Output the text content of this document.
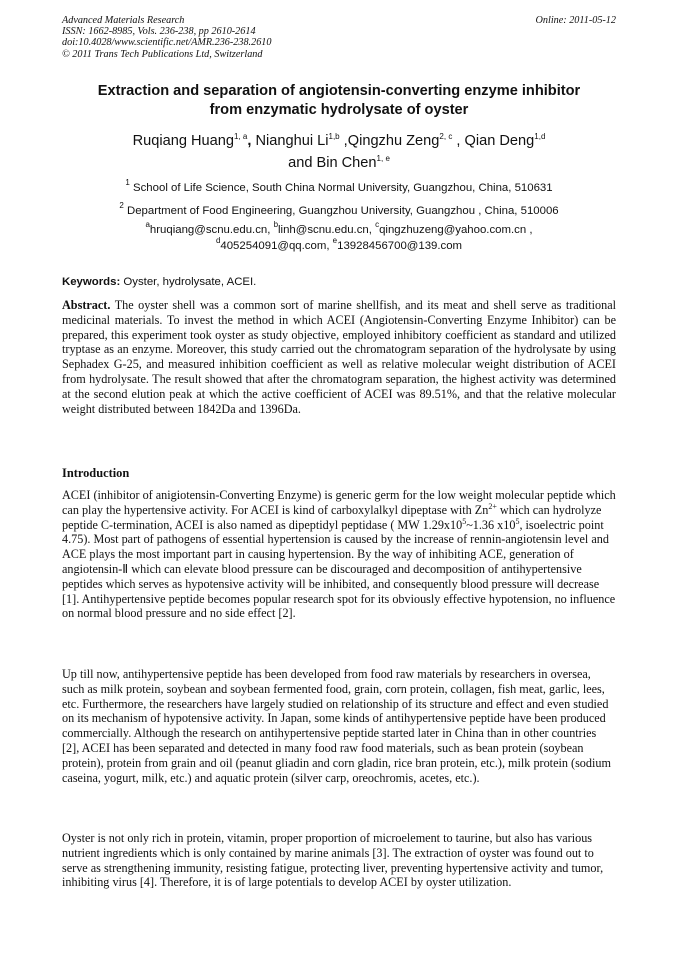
Advanced Materials Research
ISSN: 1662-8985, Vols. 236-238, pp 2610-2614
doi:10.4028/www.scientific.net/AMR.236-238.2610
© 2011 Trans Tech Publications Ltd, Switzerland
Online: 2011-05-12
Extraction and separation of angiotensin-converting enzyme inhibitor
from enzymatic hydrolysate of oyster
Ruqiang Huang$^{1, a}$, Nianghui Li$^{1,b}$ ,Qingzhu Zeng$^{2, c}$ , Qian Deng$^{1,d}$
and Bin Chen$^{1, e}$
$^1$ School of Life Science, South China Normal University, Guangzhou, China, 510631
$^2$ Department of Food Engineering, Guangzhou University, Guangzhou , China, 510006
$^a$hruqiang@scnu.edu.cn, $^b$linh@scnu.edu.cn, $^c$qingzhuzeng@yahoo.com.cn ,
$^d$405254091@qq.com, $^e$13928456700@139.com
Keywords: Oyster, hydrolysate, ACEI.
Abstract. The oyster shell was a common sort of marine shellfish, and its meat and shell serve as traditional medicinal materials. To invest the method in which ACEI (Angiotensin-Converting Enzyme Inhibitor) can be prepared, this experiment took oyster as study objective, employed inhibitory coefficient as standard and utilized tryptase as an enzyme. Moreover, this study carried out the chromatogram separation of the hydrolysate by using Sephadex G-25, and measured inhibition coefficient as well as relative molecular weight distribution of ACEI from hydrolysate. The result showed that after the chromatogram separation, the highest activity was determined at the second elution peak at which the active coefficient of ACEI was 89.51%, and that the relative molecular weight distributed between 1842Da and 1396Da.
Introduction
ACEI (inhibitor of anigiotensin-Converting Enzyme) is generic germ for the low weight molecular peptide which can play the hypertensive activity. For ACEI is kind of carboxylalkyl dipeptase with $Zn^{2+}$ which can hydrolyze peptide C-termination, ACEI is also named as dipeptidyl peptidase ( MW $1.29x10^5\sim 1.36$ $x10^5$, isoelectric point 4.75). Most part of pathogens of essential hypertension is caused by the increase of rennin-angiotensin level and ACE plays the most important part in causing hypertension. By the way of inhibiting ACE, generation of angiotensin-Ⅱ which can elevate blood pressure can be discouraged and decomposition of antihypertensive peptides which serves as hypotensive activity will be inhibited, and consequently blood pressure will decrease [1]. Antihypertensive peptide becomes popular research spot for its obviously effective hypotension, no influence on normal blood pressure and no side effect [2].
Up till now, antihypertensive peptide has been developed from food raw materials by researchers in oversea, such as milk protein, soybean and soybean fermented food, grain, corn protein, collagen, fish meat, garlic, lees, etc. Furthermore, the researchers have largely studied on relationship of its structure and effect and even studied on its mechanism of hypotensive activity. In Japan, some kinds of antihypertensive peptide have been produced commercially. Although the research on antihypertensive peptide started later in China than in other countries [2], ACEI has been separated and detected in many food raw food materials, such as bean protein (soybean protein), protein from grain and oil (peanut gliadin and corn gladin, rice bran protein, etc.), milk protein (sodium caseina, yogurt, milk, etc.) and aquatic protein (silver carp, oreochromis, acetes, etc.).
Oyster is not only rich in protein, vitamin, proper proportion of microelement to taurine, but also has various nutrient ingredients which is only contained by marine animals [3]. The extraction of oyster was found out to serve as strengthening immunity, resisting fatigue, protecting liver, preventing hypertensive activity and tumor, inhibiting virus [4]. Therefore, it is of large potentials to develop ACEI by oyster utilization.
